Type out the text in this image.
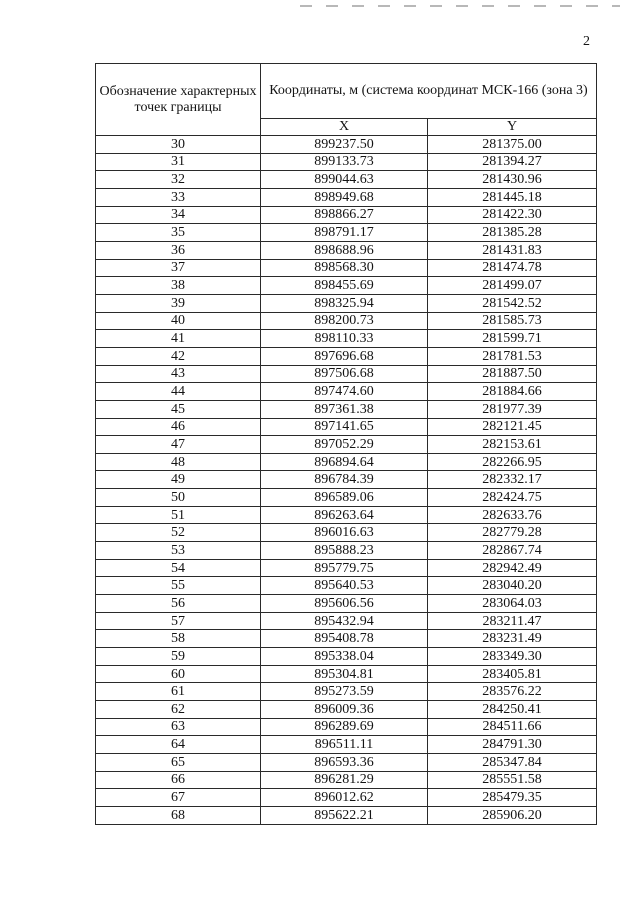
2
Обозначение характерных точек границы	Координаты, м (система координат МСК-166 (зона 3)	
	X	Y
30	899237.50	281375.00
31	899133.73	281394.27
32	899044.63	281430.96
33	898949.68	281445.18
34	898866.27	281422.30
35	898791.17	281385.28
36	898688.96	281431.83
37	898568.30	281474.78
38	898455.69	281499.07
39	898325.94	281542.52
40	898200.73	281585.73
41	898110.33	281599.71
42	897696.68	281781.53
43	897506.68	281887.50
44	897474.60	281884.66
45	897361.38	281977.39
46	897141.65	282121.45
47	897052.29	282153.61
48	896894.64	282266.95
49	896784.39	282332.17
50	896589.06	282424.75
51	896263.64	282633.76
52	896016.63	282779.28
53	895888.23	282867.74
54	895779.75	282942.49
55	895640.53	283040.20
56	895606.56	283064.03
57	895432.94	283211.47
58	895408.78	283231.49
59	895338.04	283349.30
60	895304.81	283405.81
61	895273.59	283576.22
62	896009.36	284250.41
63	896289.69	284511.66
64	896511.11	284791.30
65	896593.36	285347.84
66	896281.29	285551.58
67	896012.62	285479.35
68	895622.21	285906.20
